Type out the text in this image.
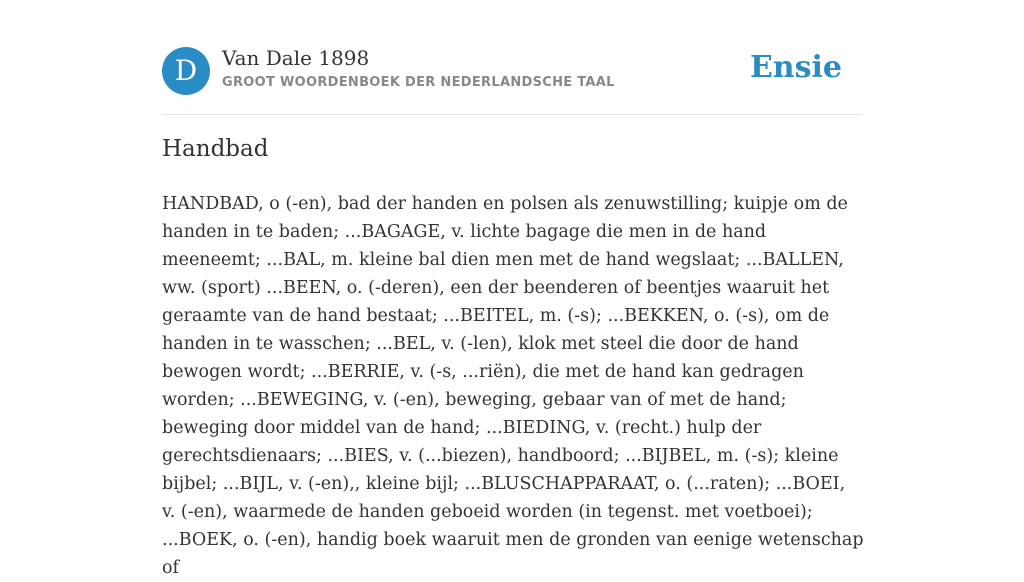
D	Van Dale 1898
GROOT WOORDENBOEK DER NEDERLANDSCHE TAAL	Ensie
Handbad

HANDBAD, o (-en), bad der handen en polsen als zenuwstilling; kuipje om de handen in te baden; ...BAGAGE, v. lichte bagage die men in de hand meeneemt; ...BAL, m. kleine bal dien men met de hand wegslaat; ...BALLEN, ww. (sport) ...BEEN, o. (-deren), een der beenderen of beentjes waaruit het geraamte van de hand bestaat; ...BEITEL, m. (-s); ...BEKKEN, o. (-s), om de handen in te wasschen; ...BEL, v. (-len), klok met steel die door de hand bewogen wordt; ...BERRIE, v. (-s, ...riën), die met de hand kan gedragen worden; ...BEWEGING, v. (-en), beweging, gebaar van of met de hand; beweging door middel van de hand; ...BIEDING, v. (recht.) hulp der gerechtsdienaars; ...BIES, v. (...biezen), handboord; ...BIJBEL, m. (-s); kleine bijbel; ...BIJL, v. (-en),, kleine bijl; ...BLUSCHAPPARAAT, o. (...raten); ...BOEI, v. (-en), waarmede de handen geboeid worden (in tegenst. met voetboei); ...BOEK, o. (-en), handig boek waaruit men de gronden van eenige wetenschap of
